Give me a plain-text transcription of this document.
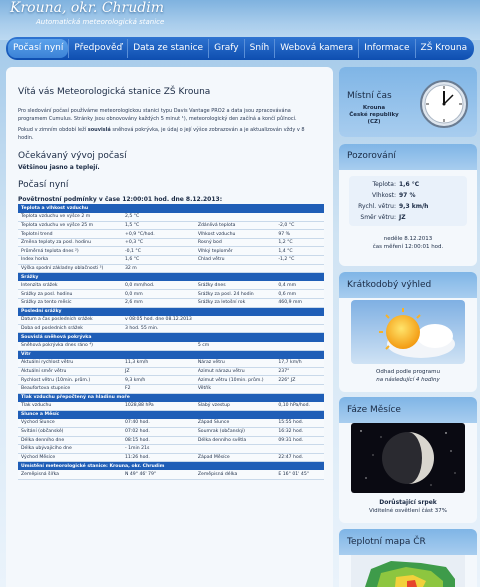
Krouna, okr. Chrudim
Automatická meteorologická stanice
Počasí nyní	Předpověď	Data ze stanice	Grafy	Sníh	Webová kamera	Informace	ZŠ Krouna
Vítá vás Meteorologická stanice ZŠ Krouna

Pro sledování počasí používáme meteorologickou stanici typu Davis Vantage PRO2 a data jsou zpracovávána programem Cumulus. Stránky jsou obnovovány každých 5 minut ¹), meteorologický den začíná a končí půlnocí.

Pokud v zimním období leží souvislá sněhová pokrývka, je údaj o její výšce zobrazován a je aktualizován vždy v 8 hodin.

Očekávaný vývoj počasí
Většinou jasno a teplejí.
Počasí nyní
Povětrnostní podmínky v čase 12:00:01 hod. dne 8.12.2013:
Teplota a vlhkost vzduchu			
Teplota vzduchu ve výšce 2 m	2,5 °C		
Teplota vzduchu ve výšce 25 m	1,5 °C	Zdánlivá teplota	-2,0 °C
Teplotní trend	+0,9 °C/hod.	Vlhkost vzduchu	97 %
Změna teploty za posl. hodinu	+0,3 °C	Rosný bod	1,2 °C
Průměrná teplota dnes ²)	-0,1 °C	Vlhký teploměr	1,4 °C
Index horka	1,6 °C	Chlad větru	-1,2 °C
Výška spodní základny oblačnosti ³)	32 m		
Srážky			
Intenzita srážek	0,0 mm/hod.	Srážky dnes	0,4 mm
Srážky za posl. hodinu	0,0 mm	Srážky za posl. 24 hodin	0,6 mm
Srážky za tento měsíc	2,6 mm	Srážky za letošní rok	460,9 mm
Poslední srážky			
Datum a čas posledních srážek	v 08:05 hod. dne 08.12.2013		
Doba od posledních srážek	3 hod. 55 min.		
Souvislá sněhová pokrývka			
Sněhová pokrývka dnes ráno ⁴)		5 cm	
Vítr			
Aktuální rychlost větru	11,3 km/h	Náraz větru	17,7 km/h
Aktuální směr větru	JZ	Azimut nárazu větru	237°
Rychlost větru (10min. prům.)	9,3 km/h	Azimut větru (10min. prům.)	226° JZ
Beaufortova stupnice	F2	Větřík	
Tlak vzduchu přepočtený na hladinu moře			
Tlak vzduchu	1028,88 hPa	Slabý vzestup	0,10 hPa/hod.
Slunce a Měsíc			
Východ Slunce	07:40 hod.	Západ Slunce	15:55 hod.
Svítání (občanské)	07:02 hod.	Soumrak (občanský)	16:32 hod.
Délka denního dne	08:15 hod.	Délka denního světla	09:31 hod.
Délka ubývajícího dne	- 1min 21s		
Východ Měsíce	11:26 hod.	Západ Měsíce	22:47 hod.
Umístění meteorologické stanice: Krouna, okr. Chrudim			
Zeměpisná šířka	N 49° 46' 79"	Zeměpisná délka	E 16° 01' 45"
Místní čas
Krouna
České republiky
(CZ)
Pozorování
Teplota: 1,6 °C
Vlhkost: 97 %
Rychl. větru: 9,3 km/h
Směr větru: JZ
neděle 8.12.2013
čas měření 12:00:01 hod.
Krátkodobý výhled
Odhad podle programu
na následující 4 hodiny
Fáze Měsíce
Dorůstající srpek
Viditelné osvětlení část 37%
Teplotní mapa ČR
